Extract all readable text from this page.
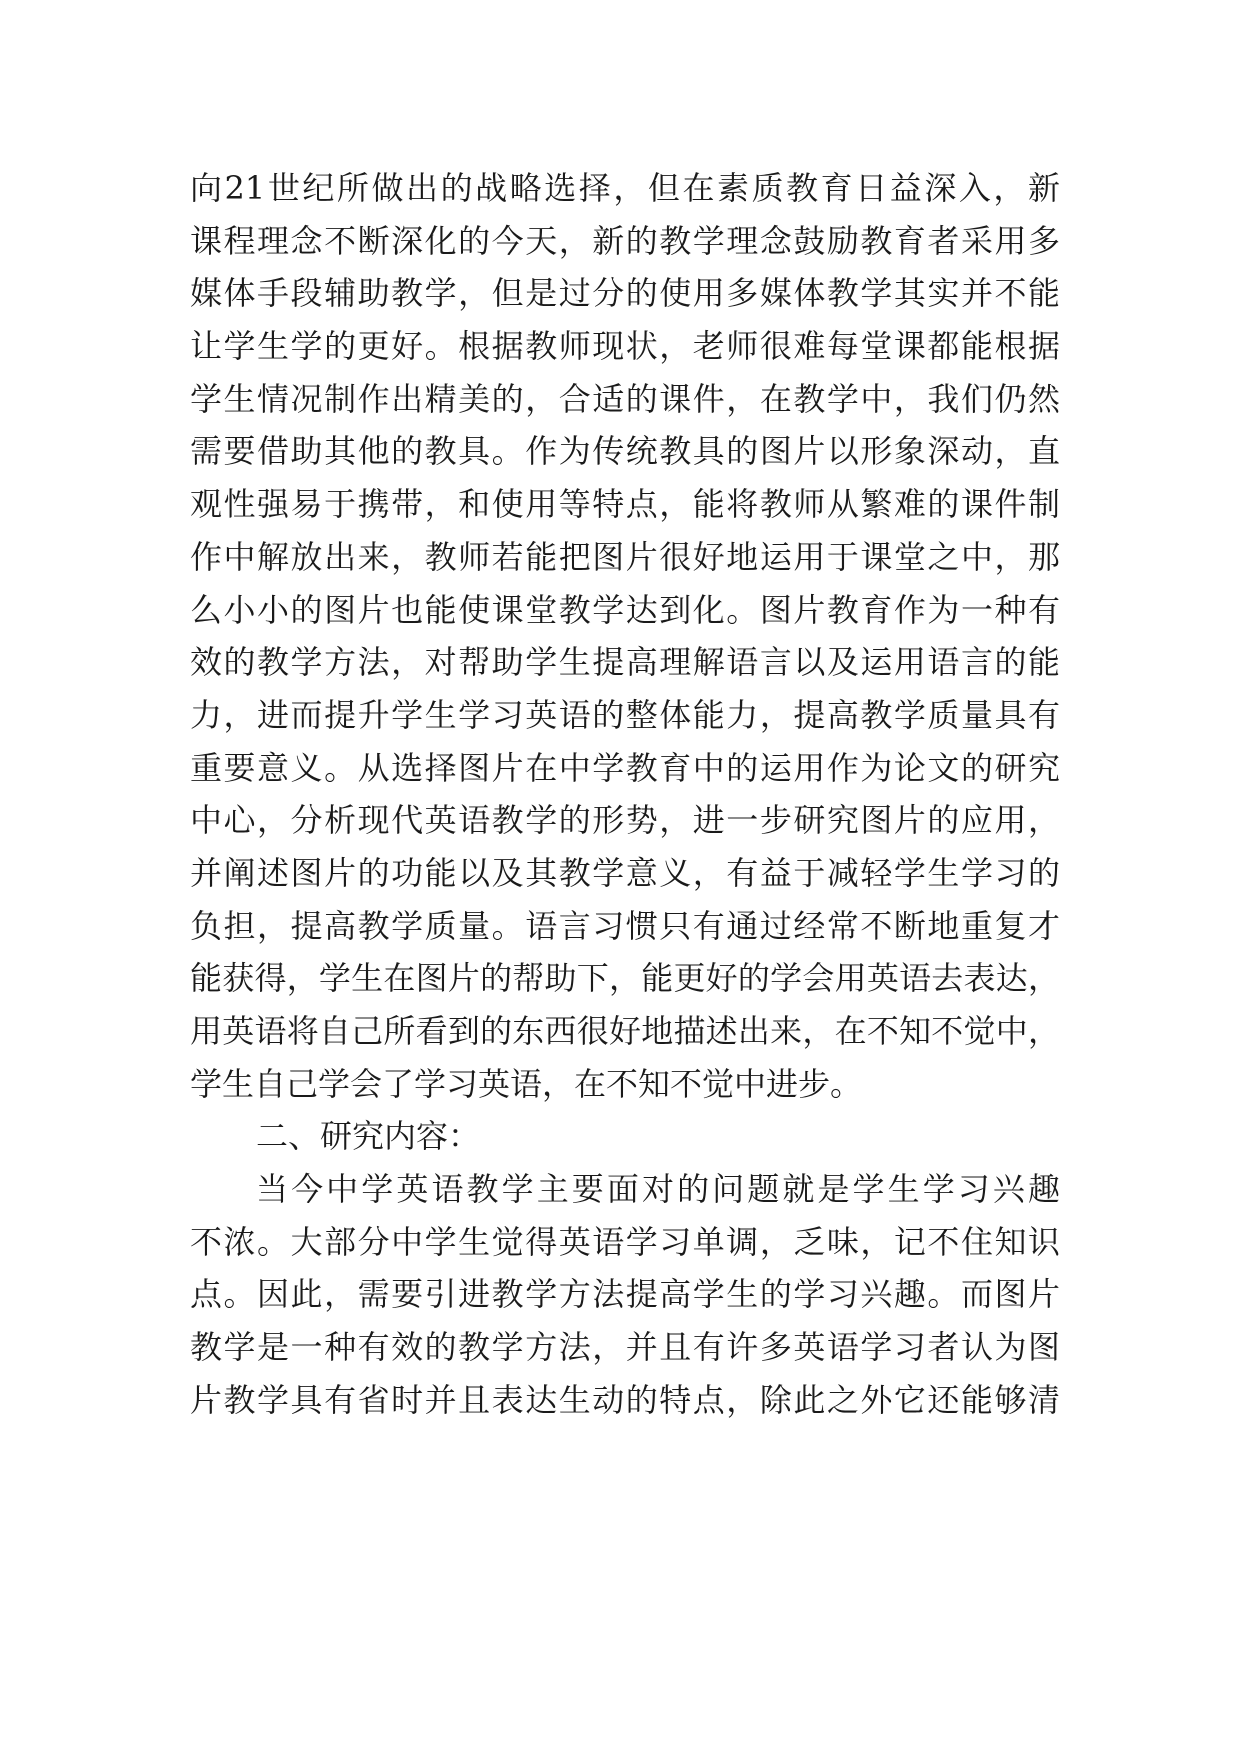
向21世纪所做出的战略选择，但在素质教育日益深入，新
课程理念不断深化的今天，新的教学理念鼓励教育者采用多
媒体手段辅助教学，但是过分的使用多媒体教学其实并不能
让学生学的更好。根据教师现状，老师很难每堂课都能根据
学生情况制作出精美的，合适的课件，在教学中，我们仍然
需要借助其他的教具。作为传统教具的图片以形象深动，直
观性强易于携带，和使用等特点，能将教师从繁难的课件制
作中解放出来，教师若能把图片很好地运用于课堂之中，那
么小小的图片也能使课堂教学达到化。图片教育作为一种有
效的教学方法，对帮助学生提高理解语言以及运用语言的能
力，进而提升学生学习英语的整体能力，提高教学质量具有
重要意义。从选择图片在中学教育中的运用作为论文的研究
中心，分析现代英语教学的形势，进一步研究图片的应用，
并阐述图片的功能以及其教学意义，有益于减轻学生学习的
负担，提高教学质量。语言习惯只有通过经常不断地重复才
能获得，学生在图片的帮助下，能更好的学会用英语去表达，
用英语将自己所看到的东西很好地描述出来，在不知不觉中，
学生自己学会了学习英语，在不知不觉中进步。
二、研究内容：
当今中学英语教学主要面对的问题就是学生学习兴趣
不浓。大部分中学生觉得英语学习单调，乏味，记不住知识
点。因此，需要引进教学方法提高学生的学习兴趣。而图片
教学是一种有效的教学方法，并且有许多英语学习者认为图
片教学具有省时并且表达生动的特点，除此之外它还能够清
